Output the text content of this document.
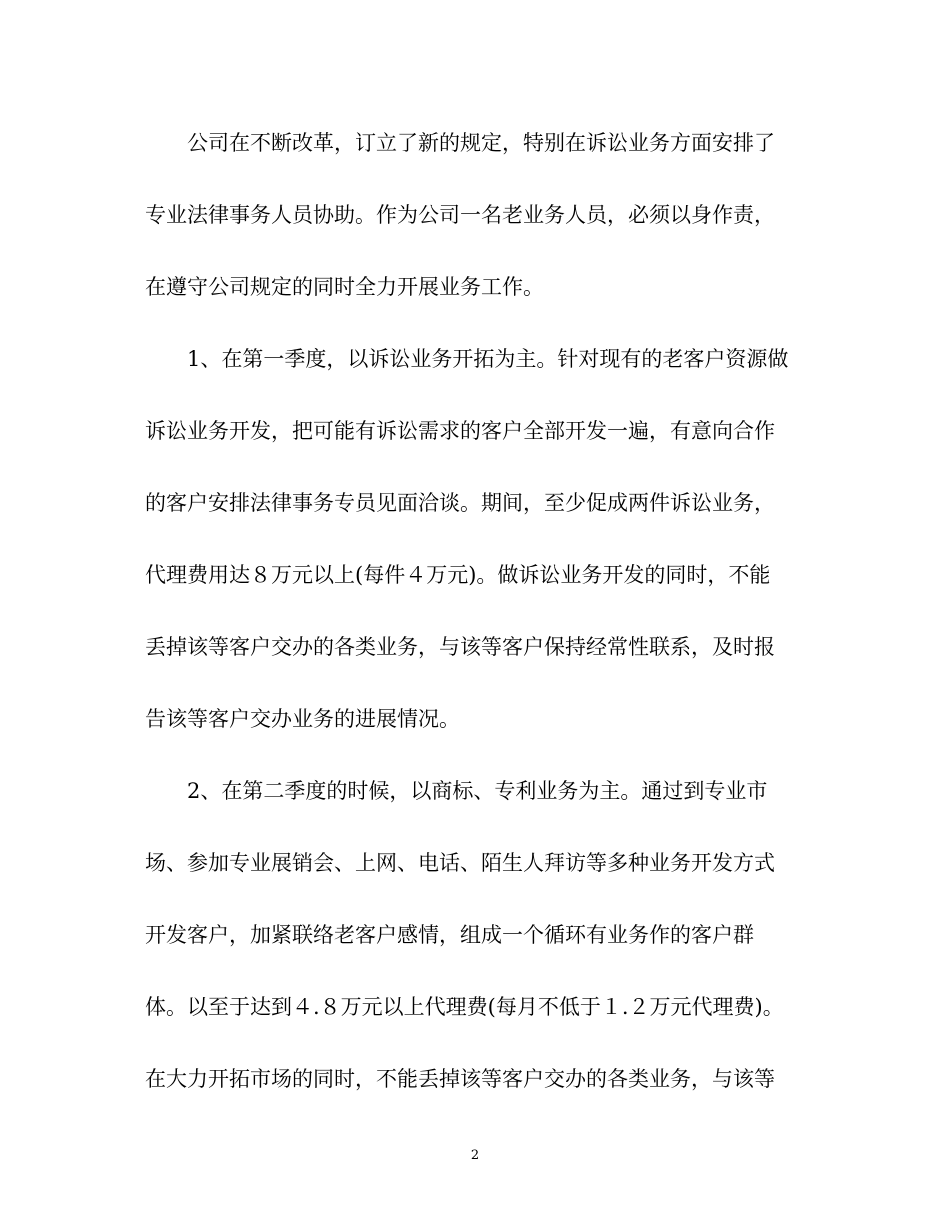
公司在不断改革，订立了新的规定，特别在诉讼业务方面安排了
专业法律事务人员协助。作为公司一名老业务人员，必须以身作责，
在遵守公司规定的同时全力开展业务工作。
1、在第一季度，以诉讼业务开拓为主。针对现有的老客户资源做
诉讼业务开发，把可能有诉讼需求的客户全部开发一遍，有意向合作
的客户安排法律事务专员见面洽谈。期间，至少促成两件诉讼业务，
代理费用达８万元以上(每件４万元)。做诉讼业务开发的同时，不能
丢掉该等客户交办的各类业务，与该等客户保持经常性联系，及时报
告该等客户交办业务的进展情况。
2、在第二季度的时候，以商标、专利业务为主。通过到专业市
场、参加专业展销会、上网、电话、陌生人拜访等多种业务开发方式
开发客户，加紧联络老客户感情，组成一个循环有业务作的客户群
体。以至于达到４.８万元以上代理费(每月不低于１.２万元代理费)。
在大力开拓市场的同时，不能丢掉该等客户交办的各类业务，与该等
2
